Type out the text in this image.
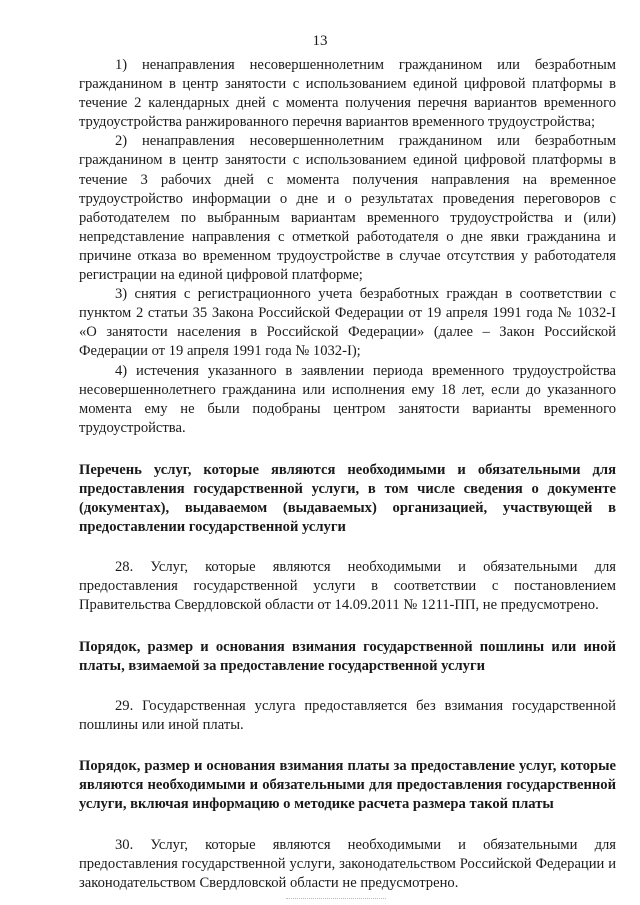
13

1) ненаправления несовершеннолетним гражданином или безработным гражданином в центр занятости с использованием единой цифровой платформы в течение 2 календарных дней с момента получения перечня вариантов временного трудоустройства ранжированного перечня вариантов временного трудоустройства;

2) ненаправления несовершеннолетним гражданином или безработным гражданином в центр занятости с использованием единой цифровой платформы в течение 3 рабочих дней с момента получения направления на временное трудоустройство информации о дне и о результатах проведения переговоров с работодателем по выбранным вариантам временного трудоустройства и (или) непредставление направления с отметкой работодателя о дне явки гражданина и причине отказа во временном трудоустройстве в случае отсутствия у работодателя регистрации на единой цифровой платформе;

3) снятия с регистрационного учета безработных граждан в соответствии с пунктом 2 статьи 35 Закона Российской Федерации от 19 апреля 1991 года № 1032-I «О занятости населения в Российской Федерации» (далее – Закон Российской Федерации от 19 апреля 1991 года № 1032-I);

4) истечения указанного в заявлении периода временного трудоустройства несовершеннолетнего гражданина или исполнения ему 18 лет, если до указанного момента ему не были подобраны центром занятости варианты временного трудоустройства.

Перечень услуг, которые являются необходимыми и обязательными для предоставления государственной услуги, в том числе сведения о документе (документах), выдаваемом (выдаваемых) организацией, участвующей в предоставлении государственной услуги

28. Услуг, которые являются необходимыми и обязательными для предоставления государственной услуги в соответствии с постановлением Правительства Свердловской области от 14.09.2011 № 1211-ПП, не предусмотрено.

Порядок, размер и основания взимания государственной пошлины или иной платы, взимаемой за предоставление государственной услуги

29. Государственная услуга предоставляется без взимания государственной пошлины или иной платы.

Порядок, размер и основания взимания платы за предоставление услуг, которые являются необходимыми и обязательными для предоставления государственной услуги, включая информацию о методике расчета размера такой платы

30. Услуг, которые являются необходимыми и обязательными для предоставления государственной услуги, законодательством Российской Федерации и законодательством Свердловской области не предусмотрено.
